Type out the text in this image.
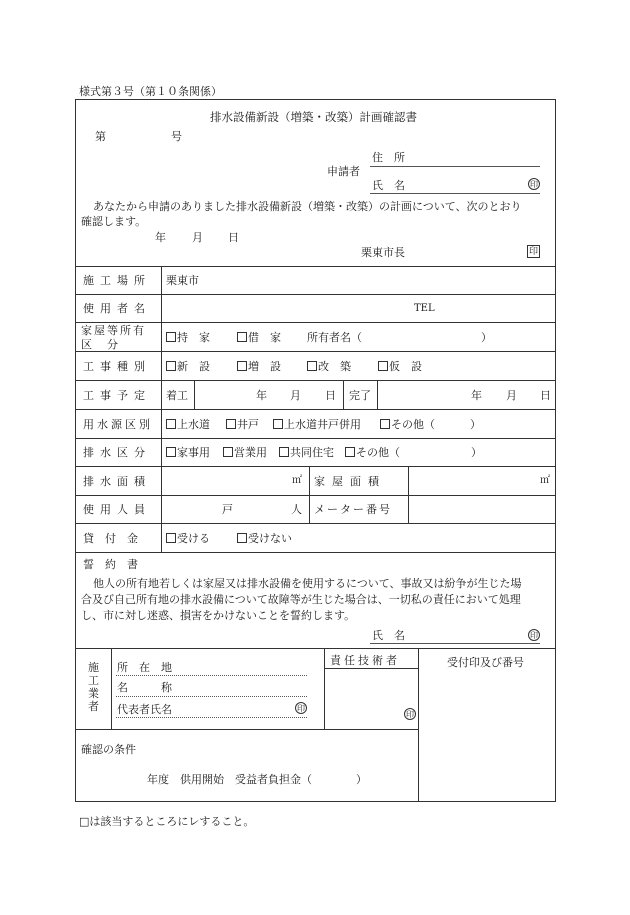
様式第３号（第１０条関係）
排水設備新設（増築・改築）計画確認書
第	号
申請者
住　所
氏　名	印
あなたから申請のありました排水設備新設（増築・改築）の計画について、次のとおり
確認します。
年 月 日
栗東市長	印
施工場所 栗東市
使用者名	TEL
家屋等所有
区　分
持　家	借　家 所有者名（	）
工事種別	新　設	増　設	改　築	仮　設
工事予定 着工	年 月 日 完了	年 月 日
用水源区別	上水道	井戸	上水道井戸併用	その他（	）
排水区分	家事用	営業用	共同住宅	その他（	）
排水面積	㎡ 家屋面積	㎡
使用人員	戸	人 メーター番号
貸　付　金	受ける	受けない
誓　約　書
他人の所有地若しくは家屋又は排水設備を使用するについて、事故又は紛争が生じた場
合及び自己所有地の排水設備について故障等が生じた場合は、一切私の責任において処理
し、市に対し迷惑、損害をかけないことを誓約します。
氏　名	印
施
工
業
者
所　在　地
名　　　称
代表者氏名	印
責任技術者
印
受付印及び番号
確認の条件
年度　供用開始　受益者負担金（　　　　）
□は該当するところにレすること。
